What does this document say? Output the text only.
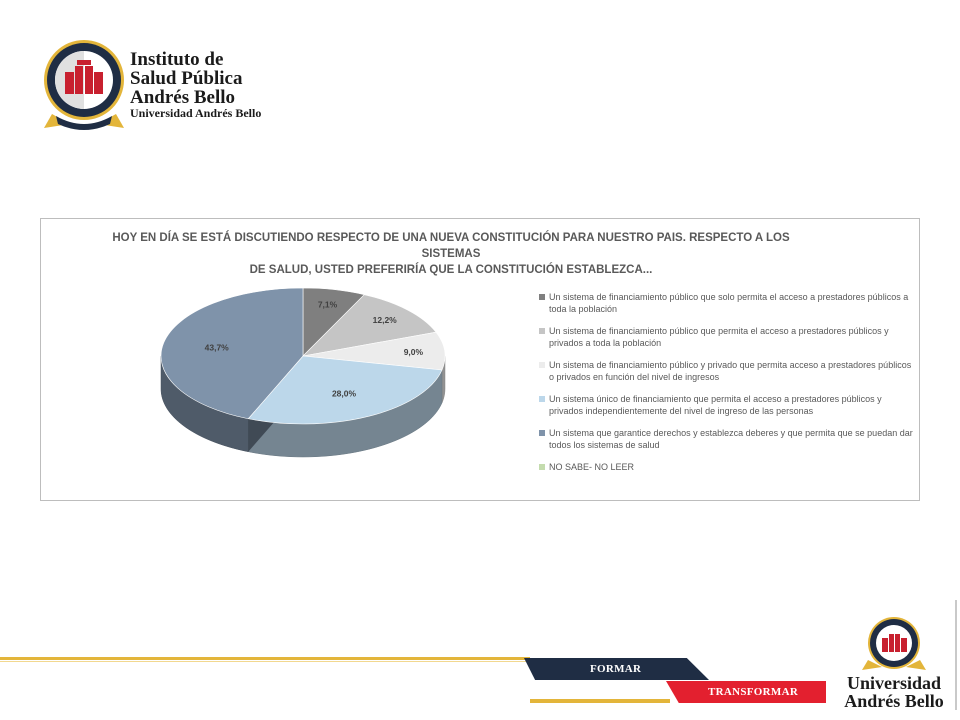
Instituto de
Salud Pública
Andrés Bello
Universidad Andrés Bello
7,1%
12,2%
9,0%
28,0%
43,7%
HOY EN DÍA SE ESTÁ DISCUTIENDO RESPECTO DE UNA NUEVA CONSTITUCIÓN PARA NUESTRO PAIS. RESPECTO A LOS SISTEMAS
DE SALUD, USTED PREFERIRÍA QUE LA CONSTITUCIÓN ESTABLEZCA...
Un sistema de financiamiento público que solo permita el acceso a prestadores públicos a toda la población
Un sistema de financiamiento público que permita el acceso a prestadores públicos y privados a toda la población
Un sistema de financiamiento público y privado que permita acceso a prestadores públicos o privados en función del nivel de ingresos
Un sistema único de financiamiento que permita el acceso a prestadores públicos y privados independientemente del nivel de ingreso de las personas
Un sistema que garantice derechos y establezca deberes y que permita que se puedan dar todos los sistemas de salud
NO SABE- NO LEER
FORMAR
TRANSFORMAR	Universidad
Andrés Bello
